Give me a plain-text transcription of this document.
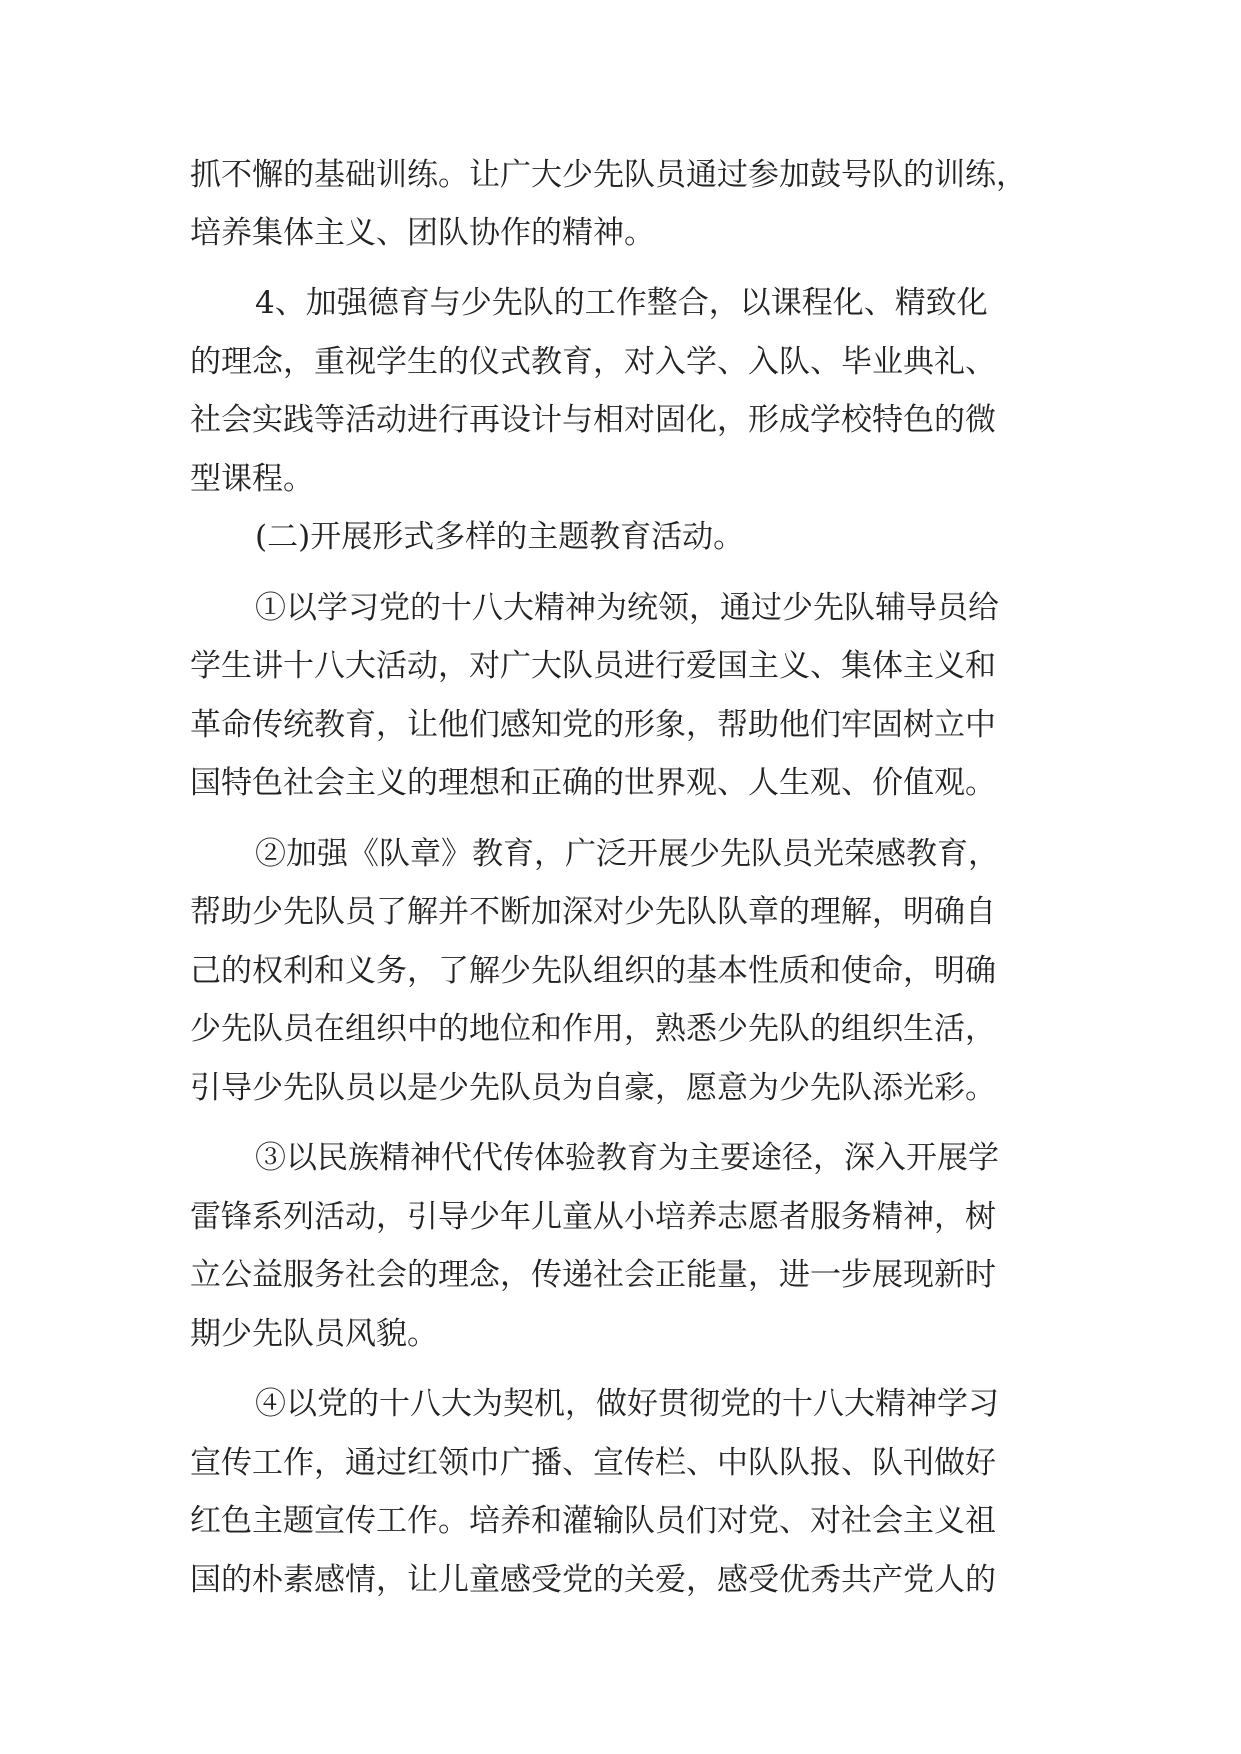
抓不懈的基础训练。让广大少先队员通过参加鼓号队的训练，
培养集体主义、团队协作的精神。
4、加强德育与少先队的工作整合，以课程化、精致化
的理念，重视学生的仪式教育，对入学、入队、毕业典礼、
社会实践等活动进行再设计与相对固化，形成学校特色的微
型课程。
(二)开展形式多样的主题教育活动。
①以学习党的十八大精神为统领，通过少先队辅导员给
学生讲十八大活动，对广大队员进行爱国主义、集体主义和
革命传统教育，让他们感知党的形象，帮助他们牢固树立中
国特色社会主义的理想和正确的世界观、人生观、价值观。
②加强《队章》教育，广泛开展少先队员光荣感教育，
帮助少先队员了解并不断加深对少先队队章的理解，明确自
己的权利和义务，了解少先队组织的基本性质和使命，明确
少先队员在组织中的地位和作用，熟悉少先队的组织生活，
引导少先队员以是少先队员为自豪，愿意为少先队添光彩。
③以民族精神代代传体验教育为主要途径，深入开展学
雷锋系列活动，引导少年儿童从小培养志愿者服务精神，树
立公益服务社会的理念，传递社会正能量，进一步展现新时
期少先队员风貌。
④以党的十八大为契机，做好贯彻党的十八大精神学习
宣传工作，通过红领巾广播、宣传栏、中队队报、队刊做好
红色主题宣传工作。培养和灌输队员们对党、对社会主义祖
国的朴素感情，让儿童感受党的关爱，感受优秀共产党人的
